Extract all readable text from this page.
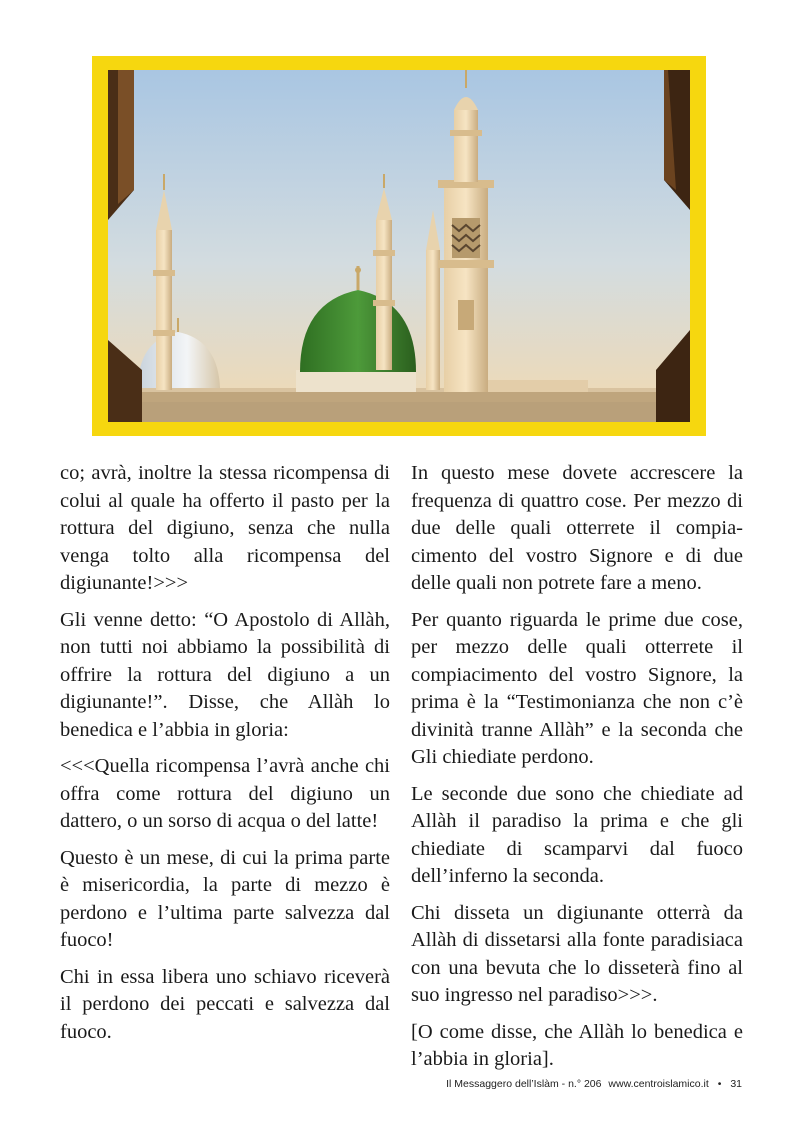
co; avrà, inoltre la stessa ricompensa di colui al quale ha offerto il pasto per la rottura del digiuno, senza che nulla venga tolto alla ricompensa del digiunante!>>>

Gli venne detto: “O Apostolo di Allàh, non tutti noi abbiamo la possibilità di offrire la rottura del digiuno a un digiunante!”. Disse, che Allàh lo benedica e l’abbia in gloria:

<<<Quella ricompensa l’avrà anche chi offra come rottura del digiuno un dattero, o un sorso di acqua o del latte!

Questo è un mese, di cui la prima parte è misericordia, la parte di mezzo è perdono e l’ultima parte salvezza dal fuoco!

Chi in essa libera uno schiavo riceverà il perdono dei peccati e salvezza dal fuoco.

In questo mese dovete accrescere la frequenza di quattro cose. Per mezzo di due delle quali otterrete il compiacimento del vostro Signore e di due delle quali non potrete fare a meno.

Per quanto riguarda le prime due cose, per mezzo delle quali otterrete il compiacimento del vostro Signore, la prima è la “Testimonianza che non c’è divinità tranne Allàh” e la seconda che Gli chiediate perdono.

Le seconde due sono che chiediate ad Allàh il paradiso la prima e che gli chiediate di scamparvi dal fuoco dell’inferno la seconda.

Chi disseta un digiunante otterrà da Allàh di dissetarsi alla fonte paradisiaca con una bevuta che lo disseterà fino al suo ingresso nel paradiso>>>.

[O come disse, che Allàh lo benedica e l’abbia in gloria].

Il Messaggero dell’Islàm - n.° 206 www.centroislamico.it • 31
